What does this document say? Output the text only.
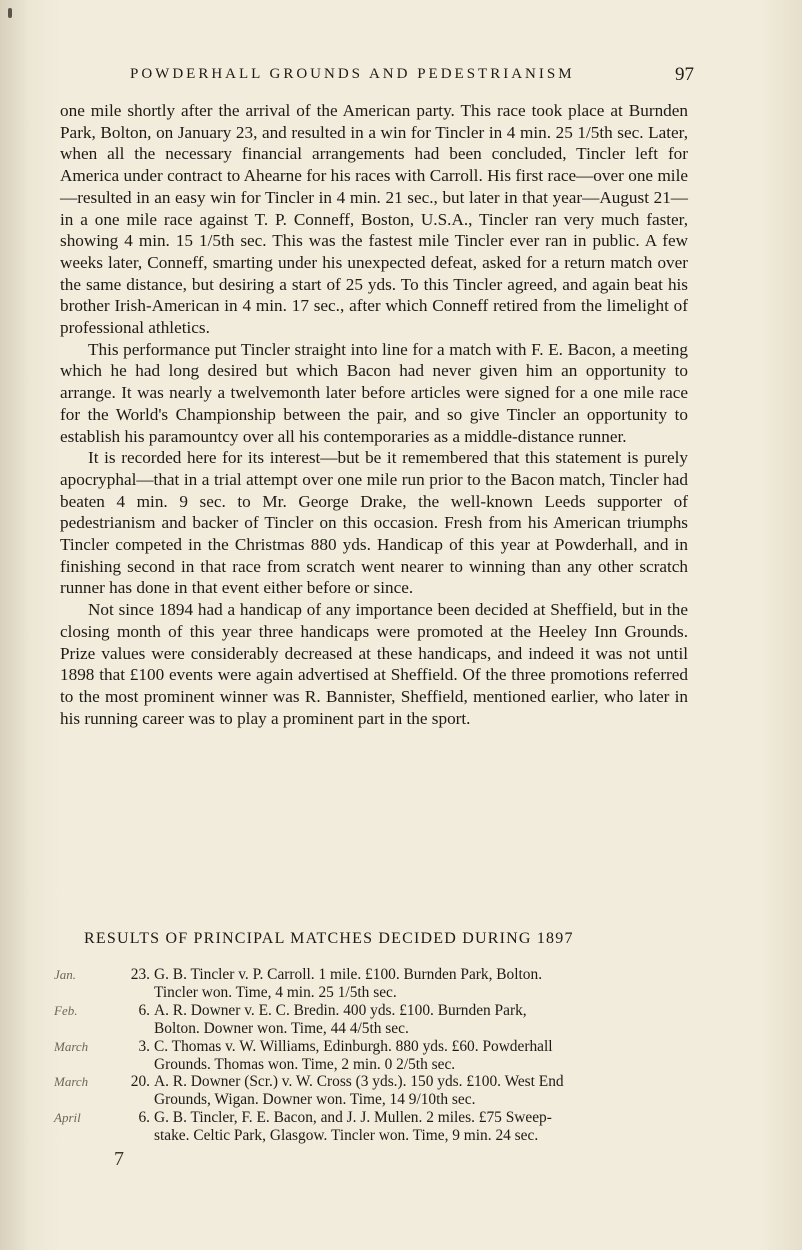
POWDERHALL GROUNDS AND PEDESTRIANISM	97

one mile shortly after the arrival of the American party. This race took place at Burnden Park, Bolton, on January 23, and resulted in a win for Tincler in 4 min. 25 1/5th sec. Later, when all the necessary financial arrangements had been concluded, Tincler left for America under contract to Ahearne for his races with Carroll. His first race—over one mile—resulted in an easy win for Tincler in 4 min. 21 sec., but later in that year—August 21—in a one mile race against T. P. Conneff, Boston, U.S.A., Tincler ran very much faster, showing 4 min. 15 1/5th sec. This was the fastest mile Tincler ever ran in public. A few weeks later, Conneff, smarting under his unexpected defeat, asked for a return match over the same distance, but desiring a start of 25 yds. To this Tincler agreed, and again beat his brother Irish-American in 4 min. 17 sec., after which Conneff retired from the limelight of professional athletics.

This performance put Tincler straight into line for a match with F. E. Bacon, a meeting which he had long desired but which Bacon had never given him an opportunity to arrange. It was nearly a twelvemonth later before articles were signed for a one mile race for the World's Championship between the pair, and so give Tincler an opportunity to establish his paramountcy over all his contemporaries as a middle-distance runner.

It is recorded here for its interest—but be it remembered that this statement is purely apocryphal—that in a trial attempt over one mile run prior to the Bacon match, Tincler had beaten 4 min. 9 sec. to Mr. George Drake, the well-known Leeds supporter of pedestrianism and backer of Tincler on this occasion. Fresh from his American triumphs Tincler competed in the Christmas 880 yds. Handicap of this year at Powderhall, and in finishing second in that race from scratch went nearer to winning than any other scratch runner has done in that event either before or since.

Not since 1894 had a handicap of any importance been decided at Sheffield, but in the closing month of this year three handicaps were promoted at the Heeley Inn Grounds. Prize values were considerably decreased at these handicaps, and indeed it was not until 1898 that £100 events were again advertised at Sheffield. Of the three promotions referred to the most prominent winner was R. Bannister, Sheffield, mentioned earlier, who later in his running career was to play a prominent part in the sport.

RESULTS OF PRINCIPAL MATCHES DECIDED DURING 1897
Jan.	23. G. B. Tincler v. P. Carroll. 1 mile. £100. Burnden Park, Bolton.
Tincler won. Time, 4 min. 25 1/5th sec.
Feb.	6. A. R. Downer v. E. C. Bredin. 400 yds. £100. Burnden Park,
Bolton. Downer won. Time, 44 4/5th sec.
March	3. C. Thomas v. W. Williams, Edinburgh. 880 yds. £60. Powderhall
Grounds. Thomas won. Time, 2 min. 0 2/5th sec.
March	20. A. R. Downer (Scr.) v. W. Cross (3 yds.). 150 yds. £100. West End
Grounds, Wigan. Downer won. Time, 14 9/10th sec.
April	6. G. B. Tincler, F. E. Bacon, and J. J. Mullen. 2 miles. £75 Sweep-
stake. Celtic Park, Glasgow. Tincler won. Time, 9 min. 24 sec.
7
